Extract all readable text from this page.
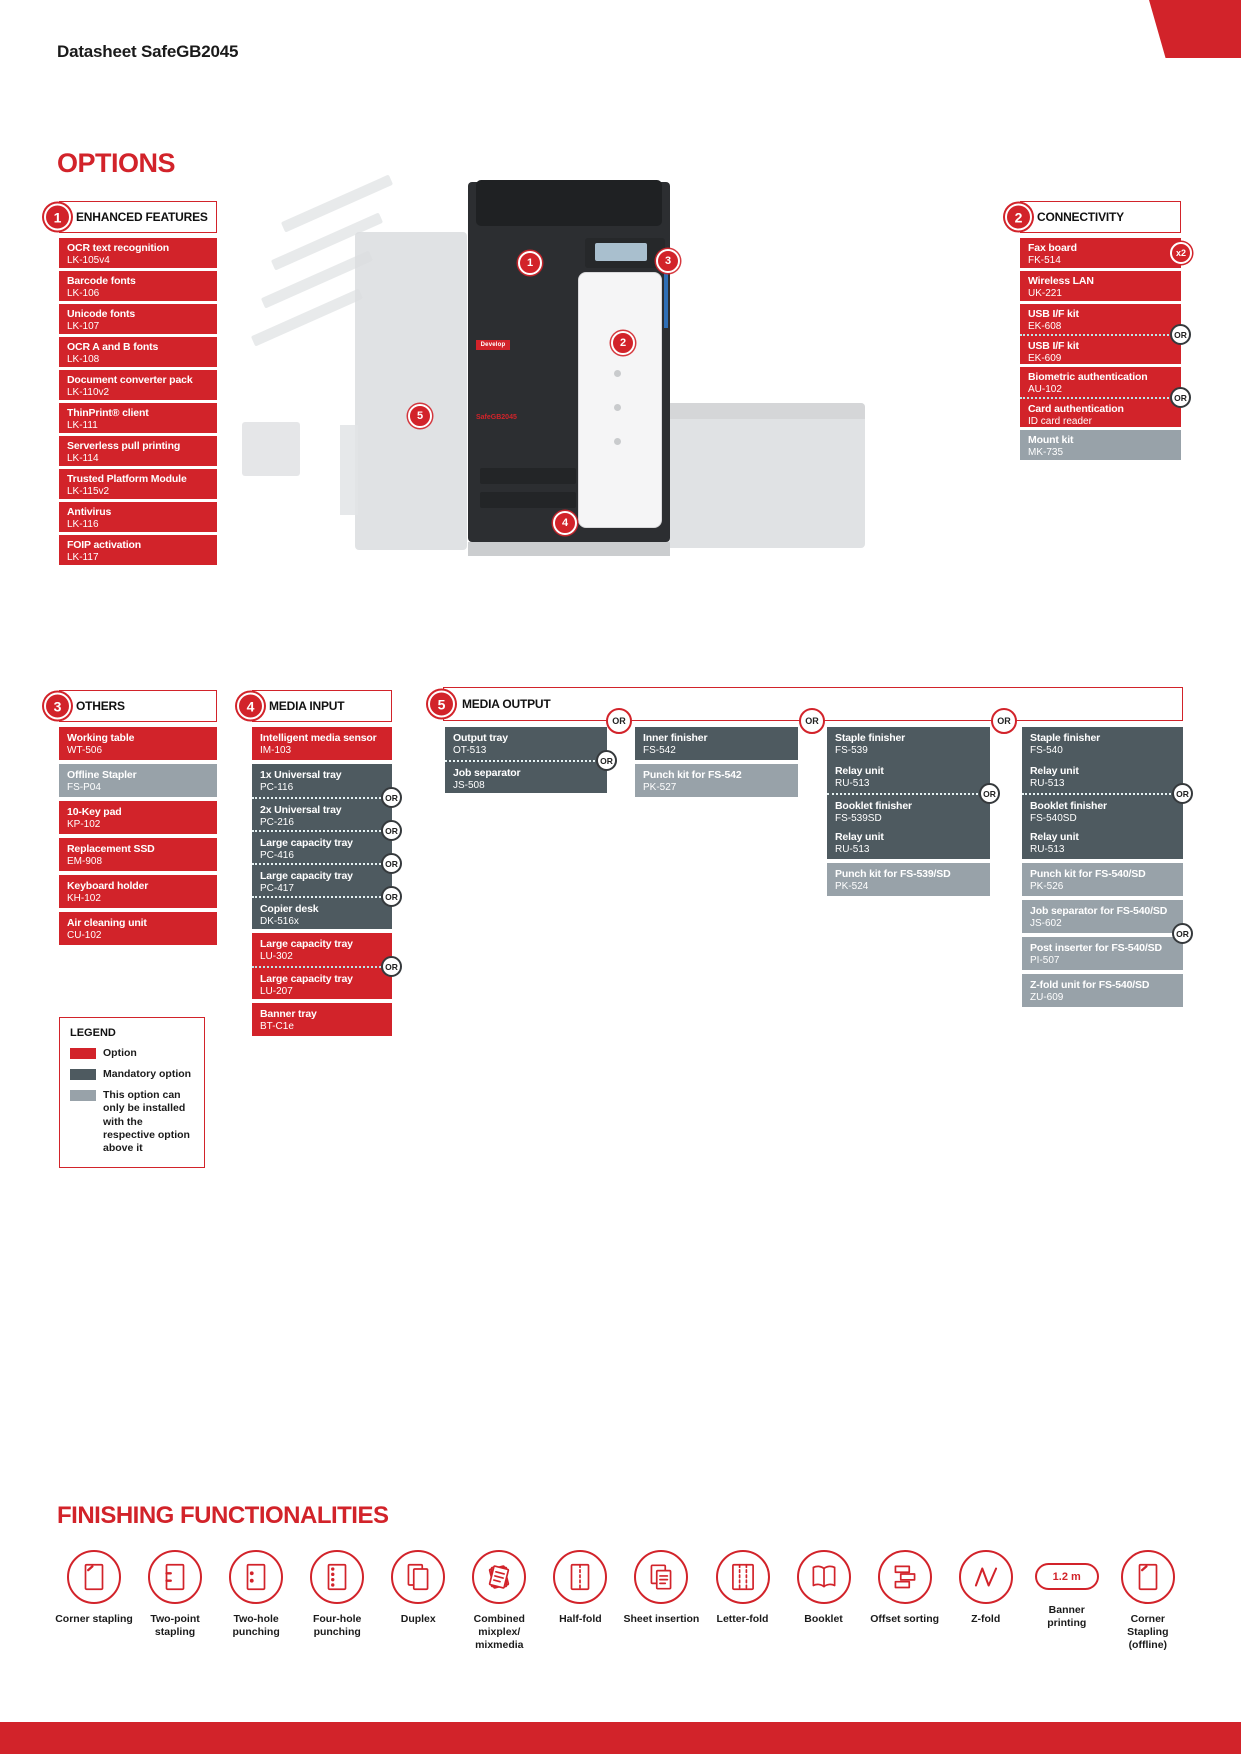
Datasheet SafeGB2045
OPTIONS
Develop
SafeGB2045
1
2
3
4
5
1	ENHANCED FEATURES
OCR text recognition
LK-105v4
Barcode fonts
LK-106
Unicode fonts
LK-107
OCR A and B fonts
LK-108
Document converter pack
LK-110v2
ThinPrint® client
LK-111
Serverless pull printing
LK-114
Trusted Platform Module
LK-115v2
Antivirus
LK-116
FOIP activation
LK-117
2	CONNECTIVITY
x2
Fax board
FK-514
Wireless LAN
UK-221
USB I/F kit
EK-608
OR
USB I/F kit
EK-609
Biometric authentication
AU-102
OR
Card authentication
ID card reader
Mount kit
MK-735
3	OTHERS
Working table
WT-506
Offline Stapler
FS-P04
10-Key pad
KP-102
Replacement SSD
EM-908
Keyboard holder
KH-102
Air cleaning unit
CU-102
4	MEDIA INPUT
Intelligent media sensor
IM-103
1x Universal tray
PC-116
OR
2x Universal tray
PC-216
OR
Large capacity tray
PC-416
OR
Large capacity tray
PC-417
OR
Copier desk
DK-516x
Large capacity tray
LU-302
OR
Large capacity tray
LU-207
Banner tray
BT-C1e
5	MEDIA OUTPUT
OR	OR	OR
Output tray
OT-513
OR
Job separator
JS-508
Inner finisher
FS-542
Punch kit for FS-542
PK-527
Staple finisher
FS-539
Relay unit
RU-513
OR
Booklet finisher
FS-539SD
Relay unit
RU-513
Punch kit for FS-539/SD
PK-524
Staple finisher
FS-540
Relay unit
RU-513
OR
Booklet finisher
FS-540SD
Relay unit
RU-513
Punch kit for FS-540/SD
PK-526
Job separator for FS-540/SD
JS-602
OR
Post inserter for FS-540/SD
PI-507
Z-fold unit for FS-540/SD
ZU-609
LEGEND
Option
Mandatory option
This option can only be installed with the respective option above it
FINISHING FUNCTIONALITIES
Corner stapling	Two-point stapling
Two-hole punching
Four-hole punching
Duplex	Combined mixplex/ mixmedia
Half-fold	Sheet insertion	Letter-fold	Booklet	Offset sorting	Z-fold
1.2 m
Banner printing	Corner Stapling (offline)
